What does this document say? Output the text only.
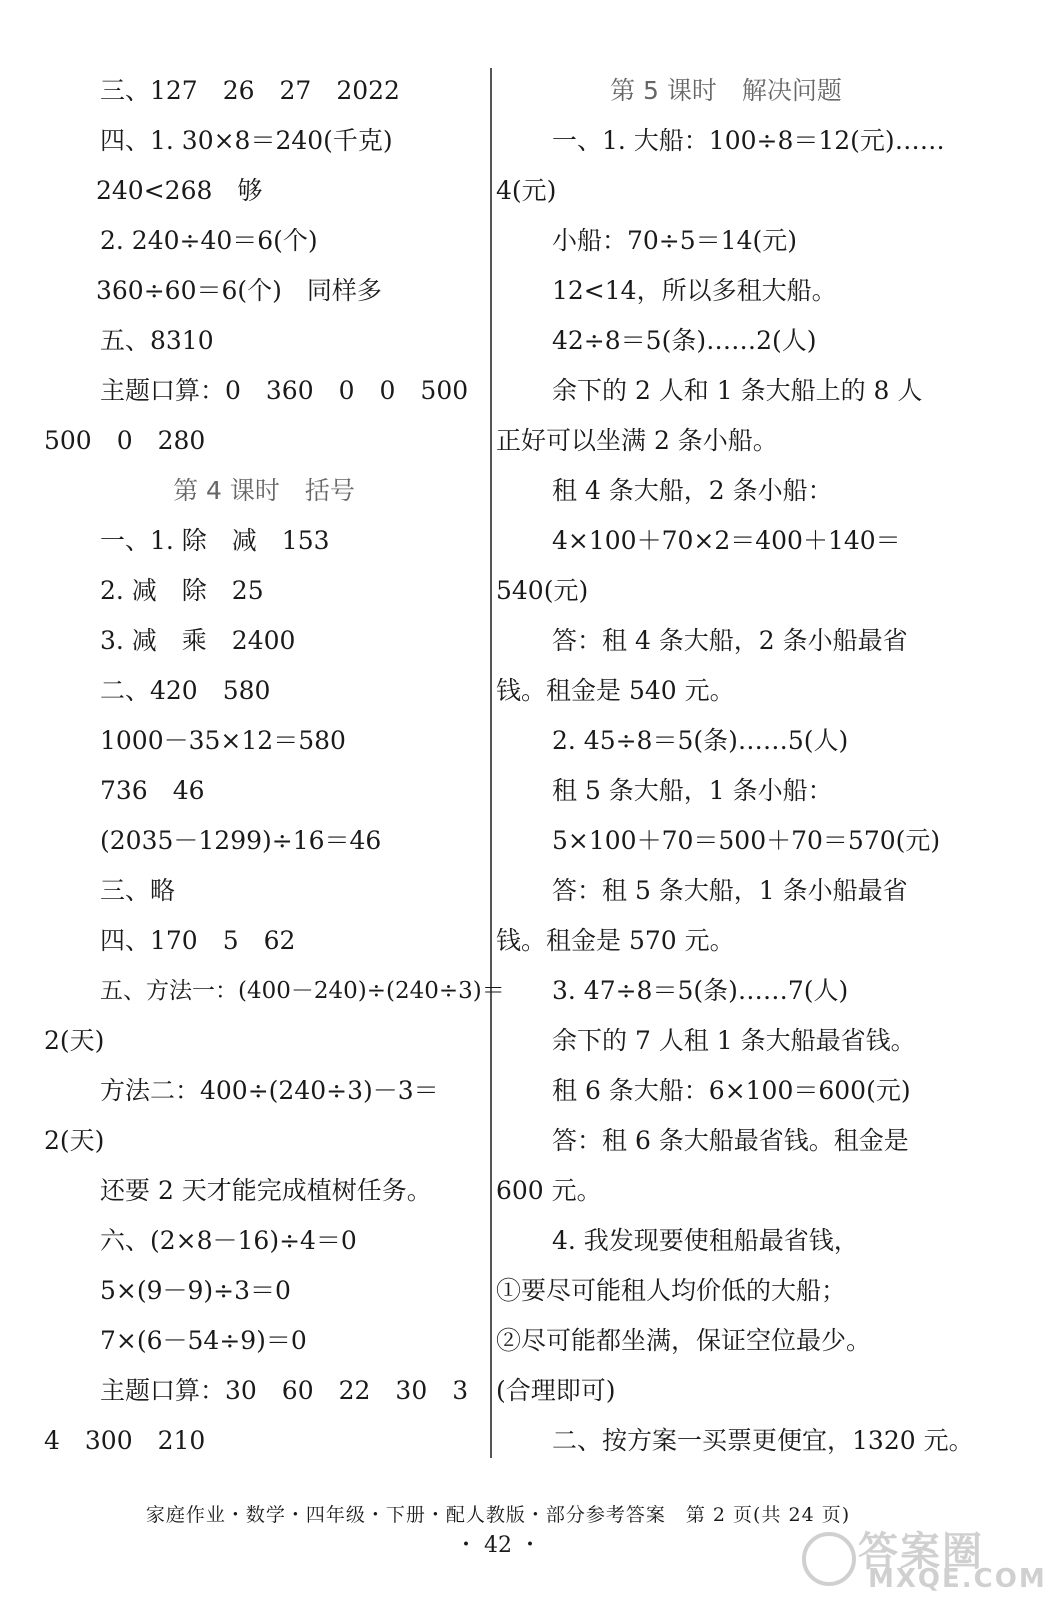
三、127　26　27　2022
四、1. 30×8＝240(千克)
240<268　够
2. 240÷40＝6(个)
360÷60＝6(个)　同样多
五、8310
主题口算：0　360　0　0　500
500　0　280
第 4 课时　括号
一、1. 除　减　153
2. 减　除　25
3. 减　乘　2400
二、420　580
1000－35×12＝580
736　46
(2035－1299)÷16＝46
三、略
四、170　5　62
五、方法一：(400－240)÷(240÷3)＝
2(天)
方法二：400÷(240÷3)－3＝
2(天)
还要 2 天才能完成植树任务。
六、(2×8－16)÷4＝0
5×(9－9)÷3＝0
7×(6－54÷9)＝0
主题口算：30　60　22　30　3
4　300　210
第 5 课时　解决问题
一、1. 大船：100÷8＝12(元)……
4(元)
小船：70÷5＝14(元)
12<14，所以多租大船。
42÷8＝5(条)……2(人)
余下的 2 人和 1 条大船上的 8 人
正好可以坐满 2 条小船。
租 4 条大船，2 条小船：
4×100＋70×2＝400＋140＝
540(元)
答：租 4 条大船，2 条小船最省
钱。租金是 540 元。
2. 45÷8＝5(条)……5(人)
租 5 条大船，1 条小船：
5×100＋70＝500＋70＝570(元)
答：租 5 条大船，1 条小船最省
钱。租金是 570 元。
3. 47÷8＝5(条)……7(人)
余下的 7 人租 1 条大船最省钱。
租 6 条大船：6×100＝600(元)
答：租 6 条大船最省钱。租金是
600 元。
4. 我发现要使租船最省钱，
①要尽可能租人均价低的大船；
②尽可能都坐满，保证空位最少。
(合理即可)
二、按方案一买票更便宜，1320 元。
家庭作业・数学・四年级・下册・配人教版・部分参考答案　第 2 页(共 24 页)
・ 42 ・	答案圈
MXQE.COM
